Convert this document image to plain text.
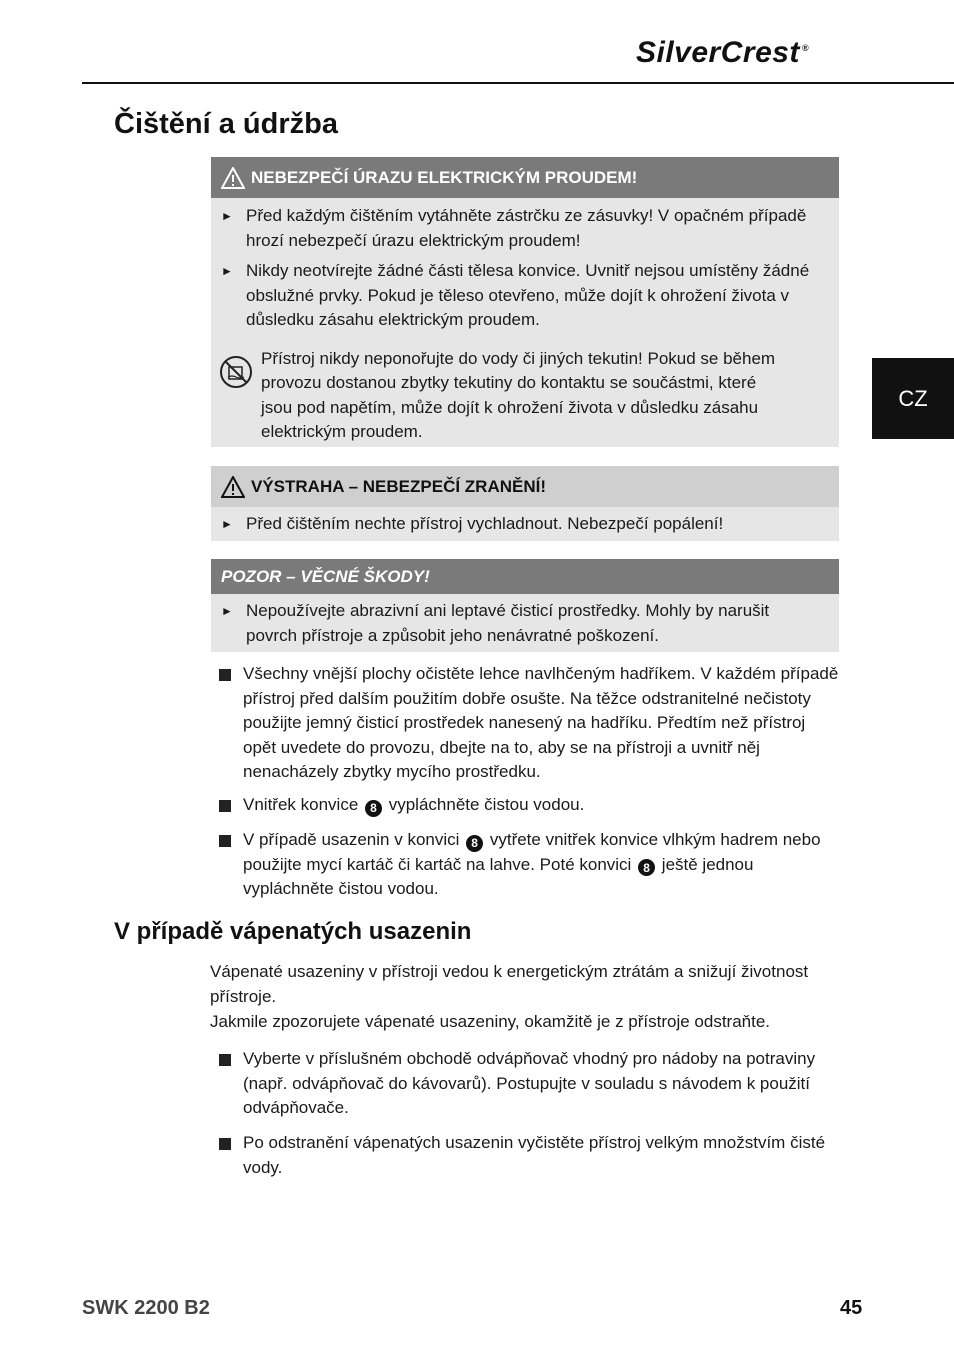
SilverCrest ®
Čištění a údržba
CZ
NEBEZPEČÍ ÚRAZU ELEKTRICKÝM PROUDEM!
► Před každým čištěním vytáhněte zástrčku ze zásuvky! V opačném případě hrozí nebezpečí úrazu elektrickým proudem!
► Nikdy neotvírejte žádné části tělesa konvice. Uvnitř nejsou umístěny žádné obslužné prvky. Pokud je těleso otevřeno, může dojít k ohrožení života v důsledku zásahu elektrickým proudem.
Přístroj nikdy neponořujte do vody či jiných tekutin! Pokud se během provozu dostanou zbytky tekutiny do kontaktu se součástmi, které jsou pod napětím, může dojít k ohrožení života v důsledku zásahu elektrickým proudem.
VÝSTRAHA – NEBEZPEČÍ ZRANĚNÍ!
► Před čištěním nechte přístroj vychladnout. Nebezpečí popálení!
POZOR – VĚCNÉ ŠKODY!
► Nepoužívejte abrazivní ani leptavé čisticí prostředky. Mohly by narušit povrch přístroje a způsobit jeho nenávratné poškození.
Všechny vnější plochy očistěte lehce navlhčeným hadříkem. V každém případě přístroj před dalším použitím dobře osušte. Na těžce odstranitelné nečistoty použijte jemný čisticí prostředek nanesený na hadříku. Předtím než přístroj opět uvedete do provozu, dbejte na to, aby se na přístroji a uvnitř něj nenacházely zbytky mycího prostředku.
Vnitřek konvice 8 vypláchněte čistou vodou.
V případě usazenin v konvici 8 vytřete vnitřek konvice vlhkým hadrem nebo použijte mycí kartáč či kartáč na lahve. Poté konvici 8 ještě jednou vypláchněte čistou vodou.
V případě vápenatých usazenin
Vápenaté usazeniny v přístroji vedou k energetickým ztrátám a snižují životnost přístroje.
Jakmile zpozorujete vápenaté usazeniny, okamžitě je z přístroje odstraňte.
Vyberte v příslušném obchodě odvápňovač vhodný pro nádoby na potraviny (např. odvápňovač do kávovarů). Postupujte v souladu s návodem k použití odvápňovače.
Po odstranění vápenatých usazenin vyčistěte přístroj velkým množstvím čisté vody.
SWK 2200 B2	45
